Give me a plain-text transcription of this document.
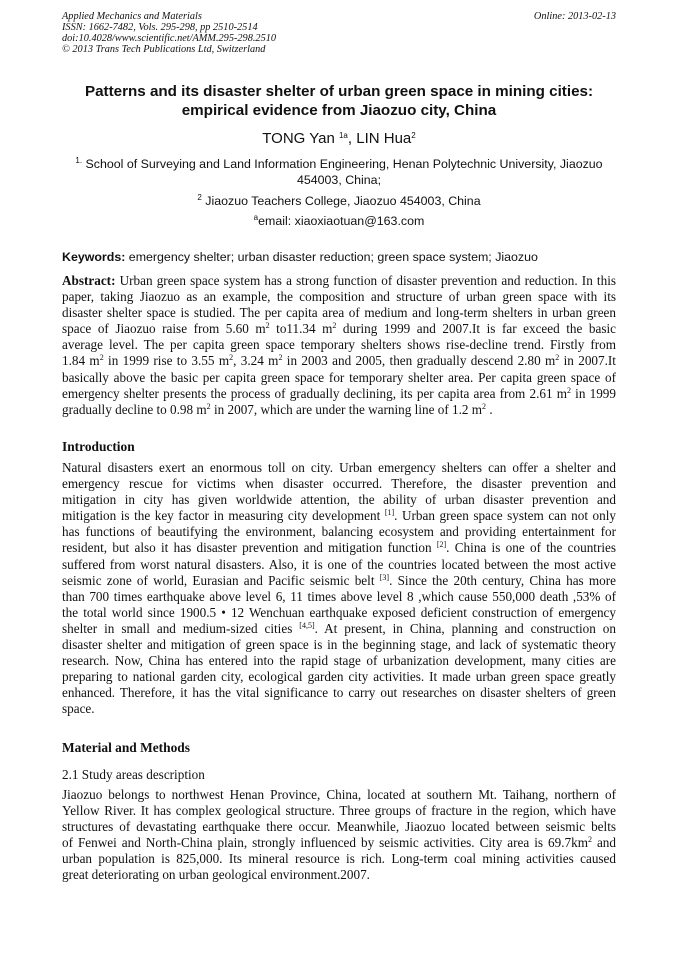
Applied Mechanics and Materials
ISSN: 1662-7482, Vols. 295-298, pp 2510-2514
doi:10.4028/www.scientific.net/AMM.295-298.2510
© 2013 Trans Tech Publications Ltd, Switzerland
Online: 2013-02-13
Patterns and its disaster shelter of urban green space in mining cities:
empirical evidence from Jiaozuo city, China
TONG Yan $^{1a}$, LIN Hua$^2$
$^{1.}$ School of Surveying and Land Information Engineering, Henan Polytechnic University, Jiaozuo
454003, China;
$^2$ Jiaozuo Teachers College, Jiaozuo 454003, China
$^a$email: xiaoxiaotuan@163.com
Keywords: emergency shelter; urban disaster reduction; green space system; Jiaozuo
Abstract: Urban green space system has a strong function of disaster prevention and reduction. In this
paper, taking Jiaozuo as an example, the composition and structure of urban green space with its
disaster shelter space is studied. The per capita area of medium and long-term shelters in urban green
space of Jiaozuo raise from 5.60 $m^2$ to11.34 $m^2$ during 1999 and 2007.It is far exceed the basic
average level. The per capita green space temporary shelters shows rise-decline trend. Firstly from
1.84 $m^2$ in 1999 rise to 3.55 $m^2$, 3.24 $m^2$ in 2003 and 2005, then gradually descend 2.80 $m^2$ in 2007.It
basically above the basic per capita green space for temporary shelter area. Per capita green space of
emergency shelter presents the process of gradually declining, its per capita area from 2.61 $m^2$ in 1999
gradually decline to 0.98 $m^2$ in 2007, which are under the warning line of 1.2 $m^2$ .
Introduction
Natural disasters exert an enormous toll on city. Urban emergency shelters can offer a shelter and
emergency rescue for victims when disaster occurred. Therefore, the disaster prevention and
mitigation in city has given worldwide attention, the ability of urban disaster prevention and
mitigation is the key factor in measuring city development [1]. Urban green space system can not only
has functions of beautifying the environment, balancing ecosystem and providing entertainment for
resident, but also it has disaster prevention and mitigation function [2]. China is one of the countries
suffered from worst natural disasters. Also, it is one of the countries located between the most active
seismic zone of world, Eurasian and Pacific seismic belt [3]. Since the 20th century, China has more
than 700 times earthquake above level 6, 11 times above level 8 ,which cause 550,000 death ,53% of
the total world since 1900.5 • 12 Wenchuan earthquake exposed deficient construction of emergency
shelter in small and medium-sized cities [4,5]. At present, in China, planning and construction on
disaster shelter and mitigation of green space is in the beginning stage, and lack of systematic theory
research. Now, China has entered into the rapid stage of urbanization development, many cities are
preparing to national garden city, ecological garden city activities. It made urban green space greatly
enhanced. Therefore, it has the vital significance to carry out researches on disaster shelters of green
space.
Material and Methods
2.1 Study areas description
Jiaozuo belongs to northwest Henan Province, China, located at southern Mt. Taihang, northern of
Yellow River. It has complex geological structure. Three groups of fracture in the region, which have
structures of devastating earthquake there occur. Meanwhile, Jiaozuo located between seismic belts
of Fenwei and North-China plain, strongly influenced by seismic activities. City area is $69.7km^2$ and
urban population is 825,000. Its mineral resource is rich. Long-term coal mining activities caused
great deteriorating on urban geological environment.2007.
